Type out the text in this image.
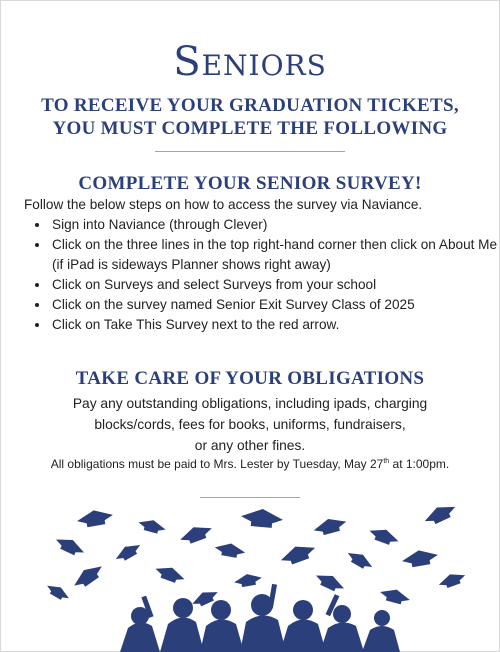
Seniors
TO RECEIVE YOUR GRADUATION TICKETS,
YOU MUST COMPLETE THE FOLLOWING
COMPLETE YOUR SENIOR SURVEY!
Follow the below steps on how to access the survey via Naviance.
• Sign into Naviance (through Clever)
• Click on the three lines in the top right-hand corner then click on About Me (if iPad is sideways Planner shows right away)
• Click on Surveys and select Surveys from your school
• Click on the survey named Senior Exit Survey Class of 2025
• Click on Take This Survey next to the red arrow.
TAKE CARE OF YOUR OBLIGATIONS
Pay any outstanding obligations, including ipads, charging
blocks/cords, fees for books, uniforms, fundraisers,
or any other fines.
All obligations must be paid to Mrs. Lester by Tuesday, May 27th at 1:00pm.
